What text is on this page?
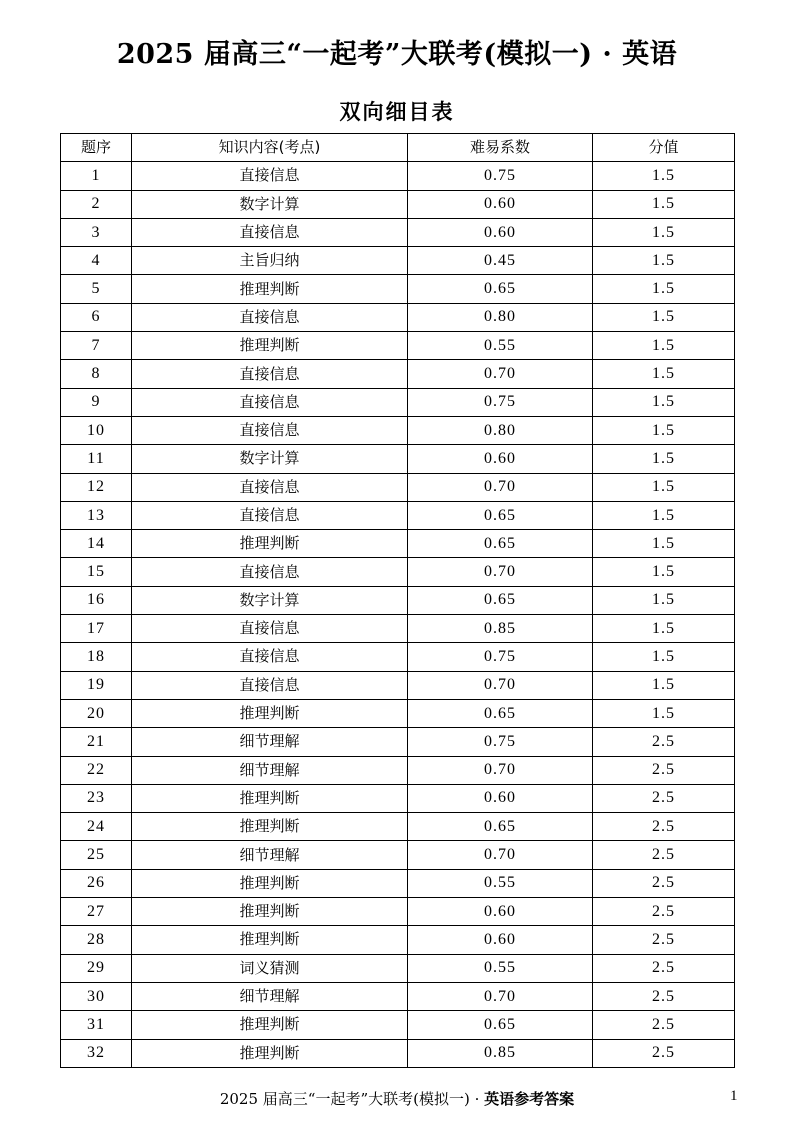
2025 届高三“一起考”大联考(模拟一) · 英语
双向细目表
题序	知识内容(考点)	难易系数	分值
1	直接信息	0.75	1.5
2	数字计算	0.60	1.5
3	直接信息	0.60	1.5
4	主旨归纳	0.45	1.5
5	推理判断	0.65	1.5
6	直接信息	0.80	1.5
7	推理判断	0.55	1.5
8	直接信息	0.70	1.5
9	直接信息	0.75	1.5
10	直接信息	0.80	1.5
11	数字计算	0.60	1.5
12	直接信息	0.70	1.5
13	直接信息	0.65	1.5
14	推理判断	0.65	1.5
15	直接信息	0.70	1.5
16	数字计算	0.65	1.5
17	直接信息	0.85	1.5
18	直接信息	0.75	1.5
19	直接信息	0.70	1.5
20	推理判断	0.65	1.5
21	细节理解	0.75	2.5
22	细节理解	0.70	2.5
23	推理判断	0.60	2.5
24	推理判断	0.65	2.5
25	细节理解	0.70	2.5
26	推理判断	0.55	2.5
27	推理判断	0.60	2.5
28	推理判断	0.60	2.5
29	词义猜测	0.55	2.5
30	细节理解	0.70	2.5
31	推理判断	0.65	2.5
32	推理判断	0.85	2.5
2025 届高三“一起考”大联考(模拟一) · 英语参考答案	1
